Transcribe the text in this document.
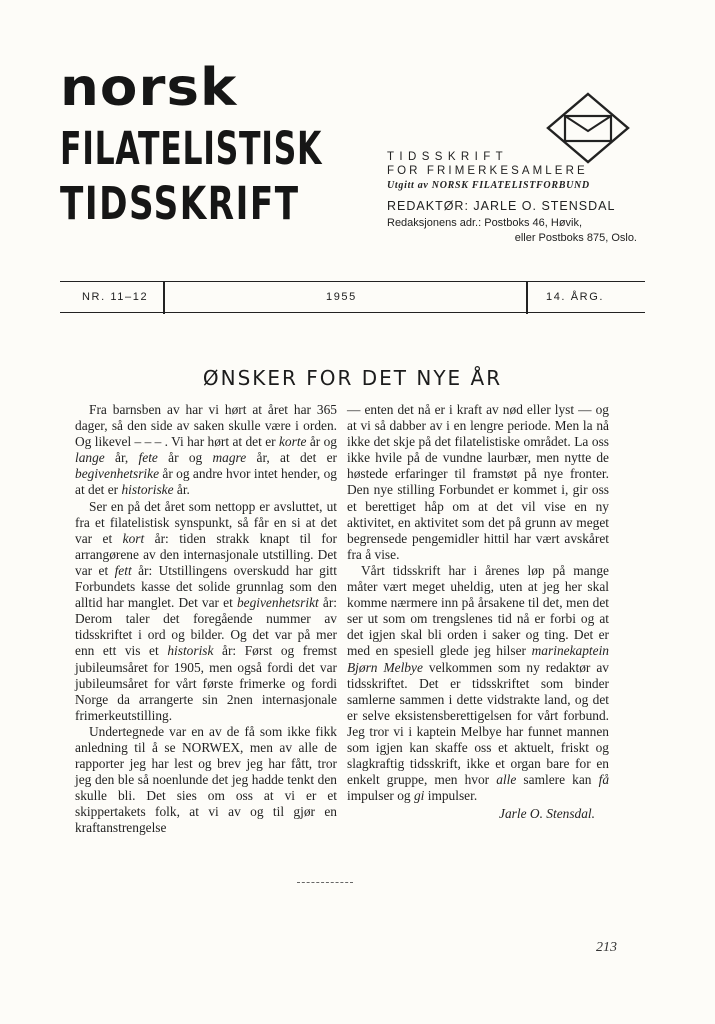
norsk
FILATELISTISK
TIDSSKRIFT
TIDSSKRIFT
FOR FRIMERKESAMLERE
Utgitt av NORSK FILATELISTFORBUND
REDAKTØR: JARLE O. STENSDAL
Redaksjonens adr.: Postboks 46, Høvik,
eller Postboks 875, Oslo.
NR. 11–12	1955	14. ÅRG.
ØNSKER FOR DET NYE ÅR

Fra barnsben av har vi hørt at året har 365 dager, så den side av saken skulle være i orden. Og likevel – – – . Vi har hørt at det er korte år og lange år, fete år og magre år, at det er begivenhetsrike år og andre hvor intet hender, og at det er historiske år.

Ser en på det året som nettopp er avsluttet, ut fra et filatelistisk synspunkt, så får en si at det var et kort år: tiden strakk knapt til for arrangørene av den internasjonale utstilling. Det var et fett år: Utstillingens overskudd har gitt Forbundets kasse det solide grunnlag som den alltid har manglet. Det var et begivenhetsrikt år: Derom taler det foregående nummer av tidsskriftet i ord og bilder. Og det var på mer enn ett vis et historisk år: Først og fremst jubileumsåret for 1905, men også fordi det var jubileumsåret for vårt første frimerke og fordi Norge da arrangerte sin 2nen internasjonale frimerkeutstilling.

Undertegnede var en av de få som ikke fikk anledning til å se NORWEX, men av alle de rapporter jeg har lest og brev jeg har fått, tror jeg den ble så noenlunde det jeg hadde tenkt den skulle bli. Det sies om oss at vi er et skippertakets folk, at vi av og til gjør en kraftanstrengelse

— enten det nå er i kraft av nød eller lyst — og at vi så dabber av i en lengre periode. Men la nå ikke det skje på det filatelistiske området. La oss ikke hvile på de vundne laurbær, men nytte de høstede erfaringer til framstøt på nye fronter. Den nye stilling Forbundet er kommet i, gir oss et berettiget håp om at det vil vise en ny aktivitet, en aktivitet som det på grunn av meget begrensede pengemidler hittil har vært avskåret fra å vise.

Vårt tidsskrift har i årenes løp på mange måter vært meget uheldig, uten at jeg her skal komme nærmere inn på årsakene til det, men det ser ut som om trengslenes tid nå er forbi og at det igjen skal bli orden i saker og ting. Det er med en spesiell glede jeg hilser marinekaptein Bjørn Melbye velkommen som ny redaktør av tidsskriftet. Det er tidsskriftet som binder samlerne sammen i dette vidstrakte land, og det er selve eksistensberettigelsen for vårt forbund. Jeg tror vi i kaptein Melbye har funnet mannen som igjen kan skaffe oss et aktuelt, friskt og slagkraftig tidsskrift, ikke et organ bare for en enkelt gruppe, men hvor alle samlere kan få impulser og gi impulser.

Jarle O. Stensdal.
213
